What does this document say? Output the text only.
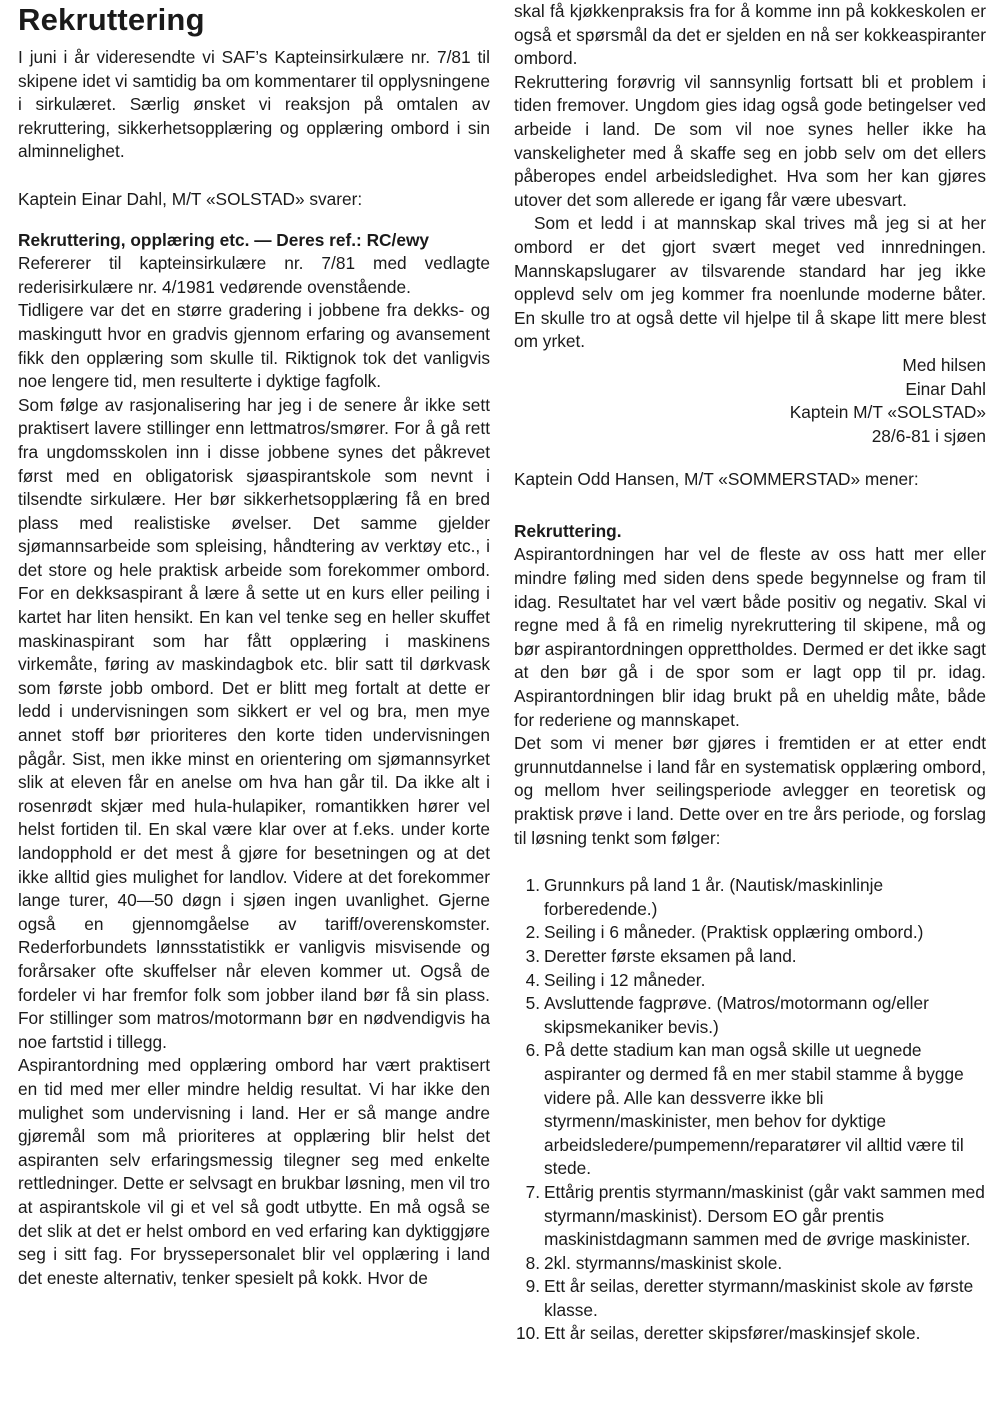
Rekruttering

I juni i år videresendte vi SAF’s Kapteinsirkulære nr. 7/81 til skipene idet vi samtidig ba om kommentarer til opplysningene i sirkulæret. Særlig ønsket vi reaksjon på omtalen av rekruttering, sikkerhetsopplæring og opplæring ombord i sin alminnelighet.

Kaptein Einar Dahl, M/T «SOLSTAD» svarer:

Rekruttering, opplæring etc. — Deres ref.: RC/ewy

Refererer til kapteinsirkulære nr. 7/81 med vedlagte rederisirkulære nr. 4/1981 vedørende ovenstående.

Tidligere var det en større gradering i jobbene fra dekks- og maskingutt hvor en gradvis gjennom erfaring og avansement fikk den opplæring som skulle til. Riktignok tok det vanligvis noe lengere tid, men resulterte i dyktige fagfolk.

Som følge av rasjonalisering har jeg i de senere år ikke sett praktisert lavere stillinger enn lettmatros/smører. For å gå rett fra ungdomsskolen inn i disse jobbene synes det påkrevet først med en obligatorisk sjøaspirantskole som nevnt i tilsendte sirkulære. Her bør sikkerhetsopplæring få en bred plass med realistiske øvelser. Det samme gjelder sjømannsarbeide som spleising, håndtering av verktøy etc., i det store og hele praktisk arbeide som forekommer ombord. For en dekksaspirant å lære å sette ut en kurs eller peiling i kartet har liten hensikt. En kan vel tenke seg en heller skuffet maskinaspirant som har fått opplæring i maskinens virkemåte, føring av maskindagbok etc. blir satt til dørkvask som første jobb ombord. Det er blitt meg fortalt at dette er ledd i undervisningen som sikkert er vel og bra, men mye annet stoff bør prioriteres den korte tiden undervisningen pågår. Sist, men ikke minst en orientering om sjømannsyrket slik at eleven får en anelse om hva han går til. Da ikke alt i rosenrødt skjær med hula-hulapiker, romantikken hører vel helst fortiden til. En skal være klar over at f.eks. under korte landopphold er det mest å gjøre for besetningen og at det ikke alltid gies mulighet for landlov. Videre at det forekommer lange turer, 40—50 døgn i sjøen ingen uvanlighet. Gjerne også en gjennomgåelse av tariff/overenskomster. Rederforbundets lønnsstatistikk er vanligvis misvisende og forårsaker ofte skuffelser når eleven kommer ut. Også de fordeler vi har fremfor folk som jobber iland bør få sin plass. For stillinger som matros/motormann bør en nødvendigvis ha noe fartstid i tillegg.

Aspirantordning med opplæring ombord har vært praktisert en tid med mer eller mindre heldig resultat. Vi har ikke den mulighet som undervisning i land. Her er så mange andre gjøremål som må prioriteres at opplæring blir helst det aspiranten selv erfaringsmessig tilegner seg med enkelte rettledninger. Dette er selvsagt en brukbar løsning, men vil tro at aspirantskole vil gi et vel så godt utbytte. En må også se det slik at det er helst ombord en ved erfaring kan dyktiggjøre seg i sitt fag. For bryssepersonalet blir vel opplæring i land det eneste alternativ, tenker spesielt på kokk. Hvor de

skal få kjøkkenpraksis fra for å komme inn på kokkeskolen er også et spørsmål da det er sjelden en nå ser kokkeaspiranter ombord.

Rekruttering forøvrig vil sannsynlig fortsatt bli et problem i tiden fremover. Ungdom gies idag også gode betingelser ved arbeide i land. De som vil noe synes heller ikke ha vanskeligheter med å skaffe seg en jobb selv om det ellers påberopes endel arbeidsledighet. Hva som her kan gjøres utover det som allerede er igang får være ubesvart.

Som et ledd i at mannskap skal trives må jeg si at her ombord er det gjort svært meget ved innredningen. Mannskapslugarer av tilsvarende standard har jeg ikke opplevd selv om jeg kommer fra noenlunde moderne båter. En skulle tro at også dette vil hjelpe til å skape litt mere blest om yrket.

Med hilsen

Einar Dahl

Kaptein M/T «SOLSTAD»

28/6-81 i sjøen

Kaptein Odd Hansen, M/T «SOMMERSTAD» mener:

Rekruttering.

Aspirantordningen har vel de fleste av oss hatt mer eller mindre føling med siden dens spede begynnelse og fram til idag. Resultatet har vel vært både positiv og negativ. Skal vi regne med å få en rimelig nyrekruttering til skipene, må og bør aspirantordningen opprettholdes. Dermed er det ikke sagt at den bør gå i de spor som er lagt opp til pr. idag. Aspirantordningen blir idag brukt på en uheldig måte, både for rederiene og mannskapet.

Det som vi mener bør gjøres i fremtiden er at etter endt grunnutdannelse i land får en systematisk opplæring ombord, og mellom hver seilingsperiode avlegger en teoretisk og praktisk prøve i land. Dette over en tre års periode, og forslag til løsning tenkt som følger:

1. Grunnkurs på land 1 år. (Nautisk/maskinlinje forberedende.)
2. Seiling i 6 måneder. (Praktisk opplæring ombord.)
3. Deretter første eksamen på land.
4. Seiling i 12 måneder.
5. Avsluttende fagprøve. (Matros/motormann og/eller skipsmekaniker bevis.)
6. På dette stadium kan man også skille ut uegnede aspiranter og dermed få en mer stabil stamme å bygge videre på. Alle kan dessverre ikke bli styrmenn/maskinister, men behov for dyktige arbeidsledere/pumpemenn/reparatører vil alltid være til stede.
7. Ettårig prentis styrmann/maskinist (går vakt sammen med styrmann/maskinist). Dersom EO går prentis maskinistdagmann sammen med de øvrige maskinister.
8. 2kl. styrmanns/maskinist skole.
9. Ett år seilas, deretter styrmann/maskinist skole av første klasse.
10. Ett år seilas, deretter skipsfører/maskinsjef skole.
